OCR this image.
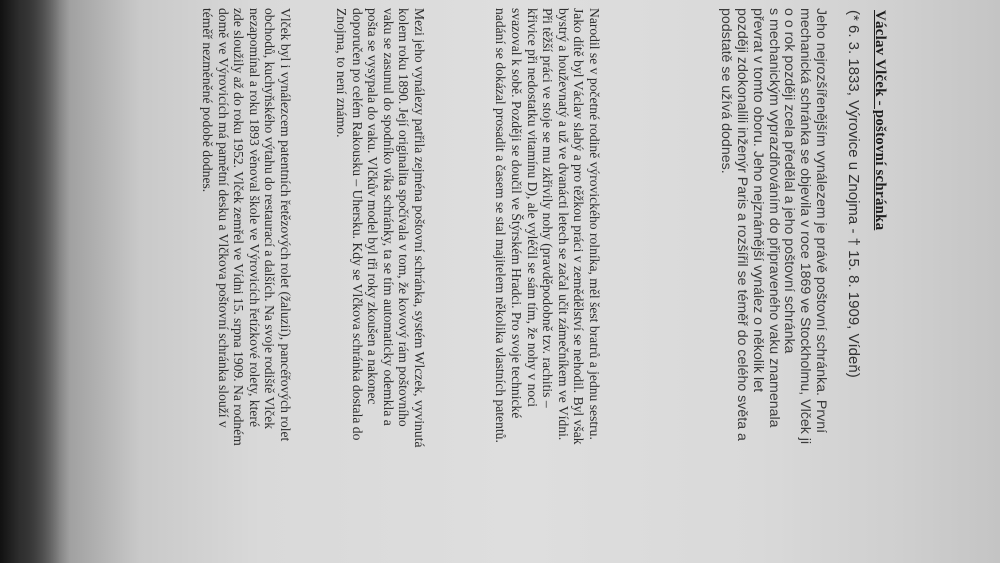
Václav Vlček - poštovní schránka
(* 6. 3. 1833, Výrovice u Znojma - † 15. 8. 1909, Vídeň)
Jeho nejrozšířenějším vynálezem je právě poštovní schránka. První
mechanická schránka se objevila v roce 1869 ve Stockholmu, Vlček ji
o o rok později zcela předělal a jeho poštovní schránka
s mechanickým vyprazdňováním do připraveného vaku znamenala
převrat v tomto oboru. Jeho nejznámější vynález o několik let
později zdokonalili inženýr Paris a rozšířil se téměř do celého světa a
podstatě se užívá dodnes.
Narodil se v početné rodině výrovického rolníka, měl šest bratrů a jednu sestru.
Jako dítě byl Václav slabý a pro těžkou práci v zemědělství se nehodil. Byl však
bystrý a houževnatý a už ve dvanácti letech se začal učit zámečníkem ve Vídni.
Při těžší práci ve stoje se mu zkřivily nohy (pravděpodobně tzv. rachitis –
křivice při nedostatku vitamínu D), ale vyléčil se sám tím, že nohy v noci
svazoval k sobě. Později se doučil ve Štýrském Hradci. Pro svoje technické
nadání se dokázal prosadit a časem se stal majitelem několika vlastních patentů.
Mezi jeho vynálezy patřila zejména poštovní schránka, systém Wlczek, vyvinutá
kolem roku 1890. Její originalita spočívala v tom, že kovový rám poštovního
vaku se zasunul do spodníko víka schránky, ta se tím automaticky odemkla a
pošta se vysypala do vaku. Vlčkův model byl tři roky zkoušen a nakonec
doporučen po celém Rakousku – Uhersku. Kdy se Vlčkova schránka dostala do
Znojma, to není známo.
Vlček byl i vynálezcem patentních řetězových rolet (žaluzií), pancéřových rolet
obchodů, kuchyňského výtahu do restaurací a dalších. Na svoje rodiště Vlček
nezapomínal a roku 1893 věnoval škole ve Výrovicích řetízkové rolety, které
zde sloužily až do roku 1952. Vlček zemřel ve Vídni 15. srpna 1909. Na rodném
domě ve Výrovicích má pamětní desku a Vlčkova poštovní schránka slouží v
téměř nezměněné podobě dodnes.
